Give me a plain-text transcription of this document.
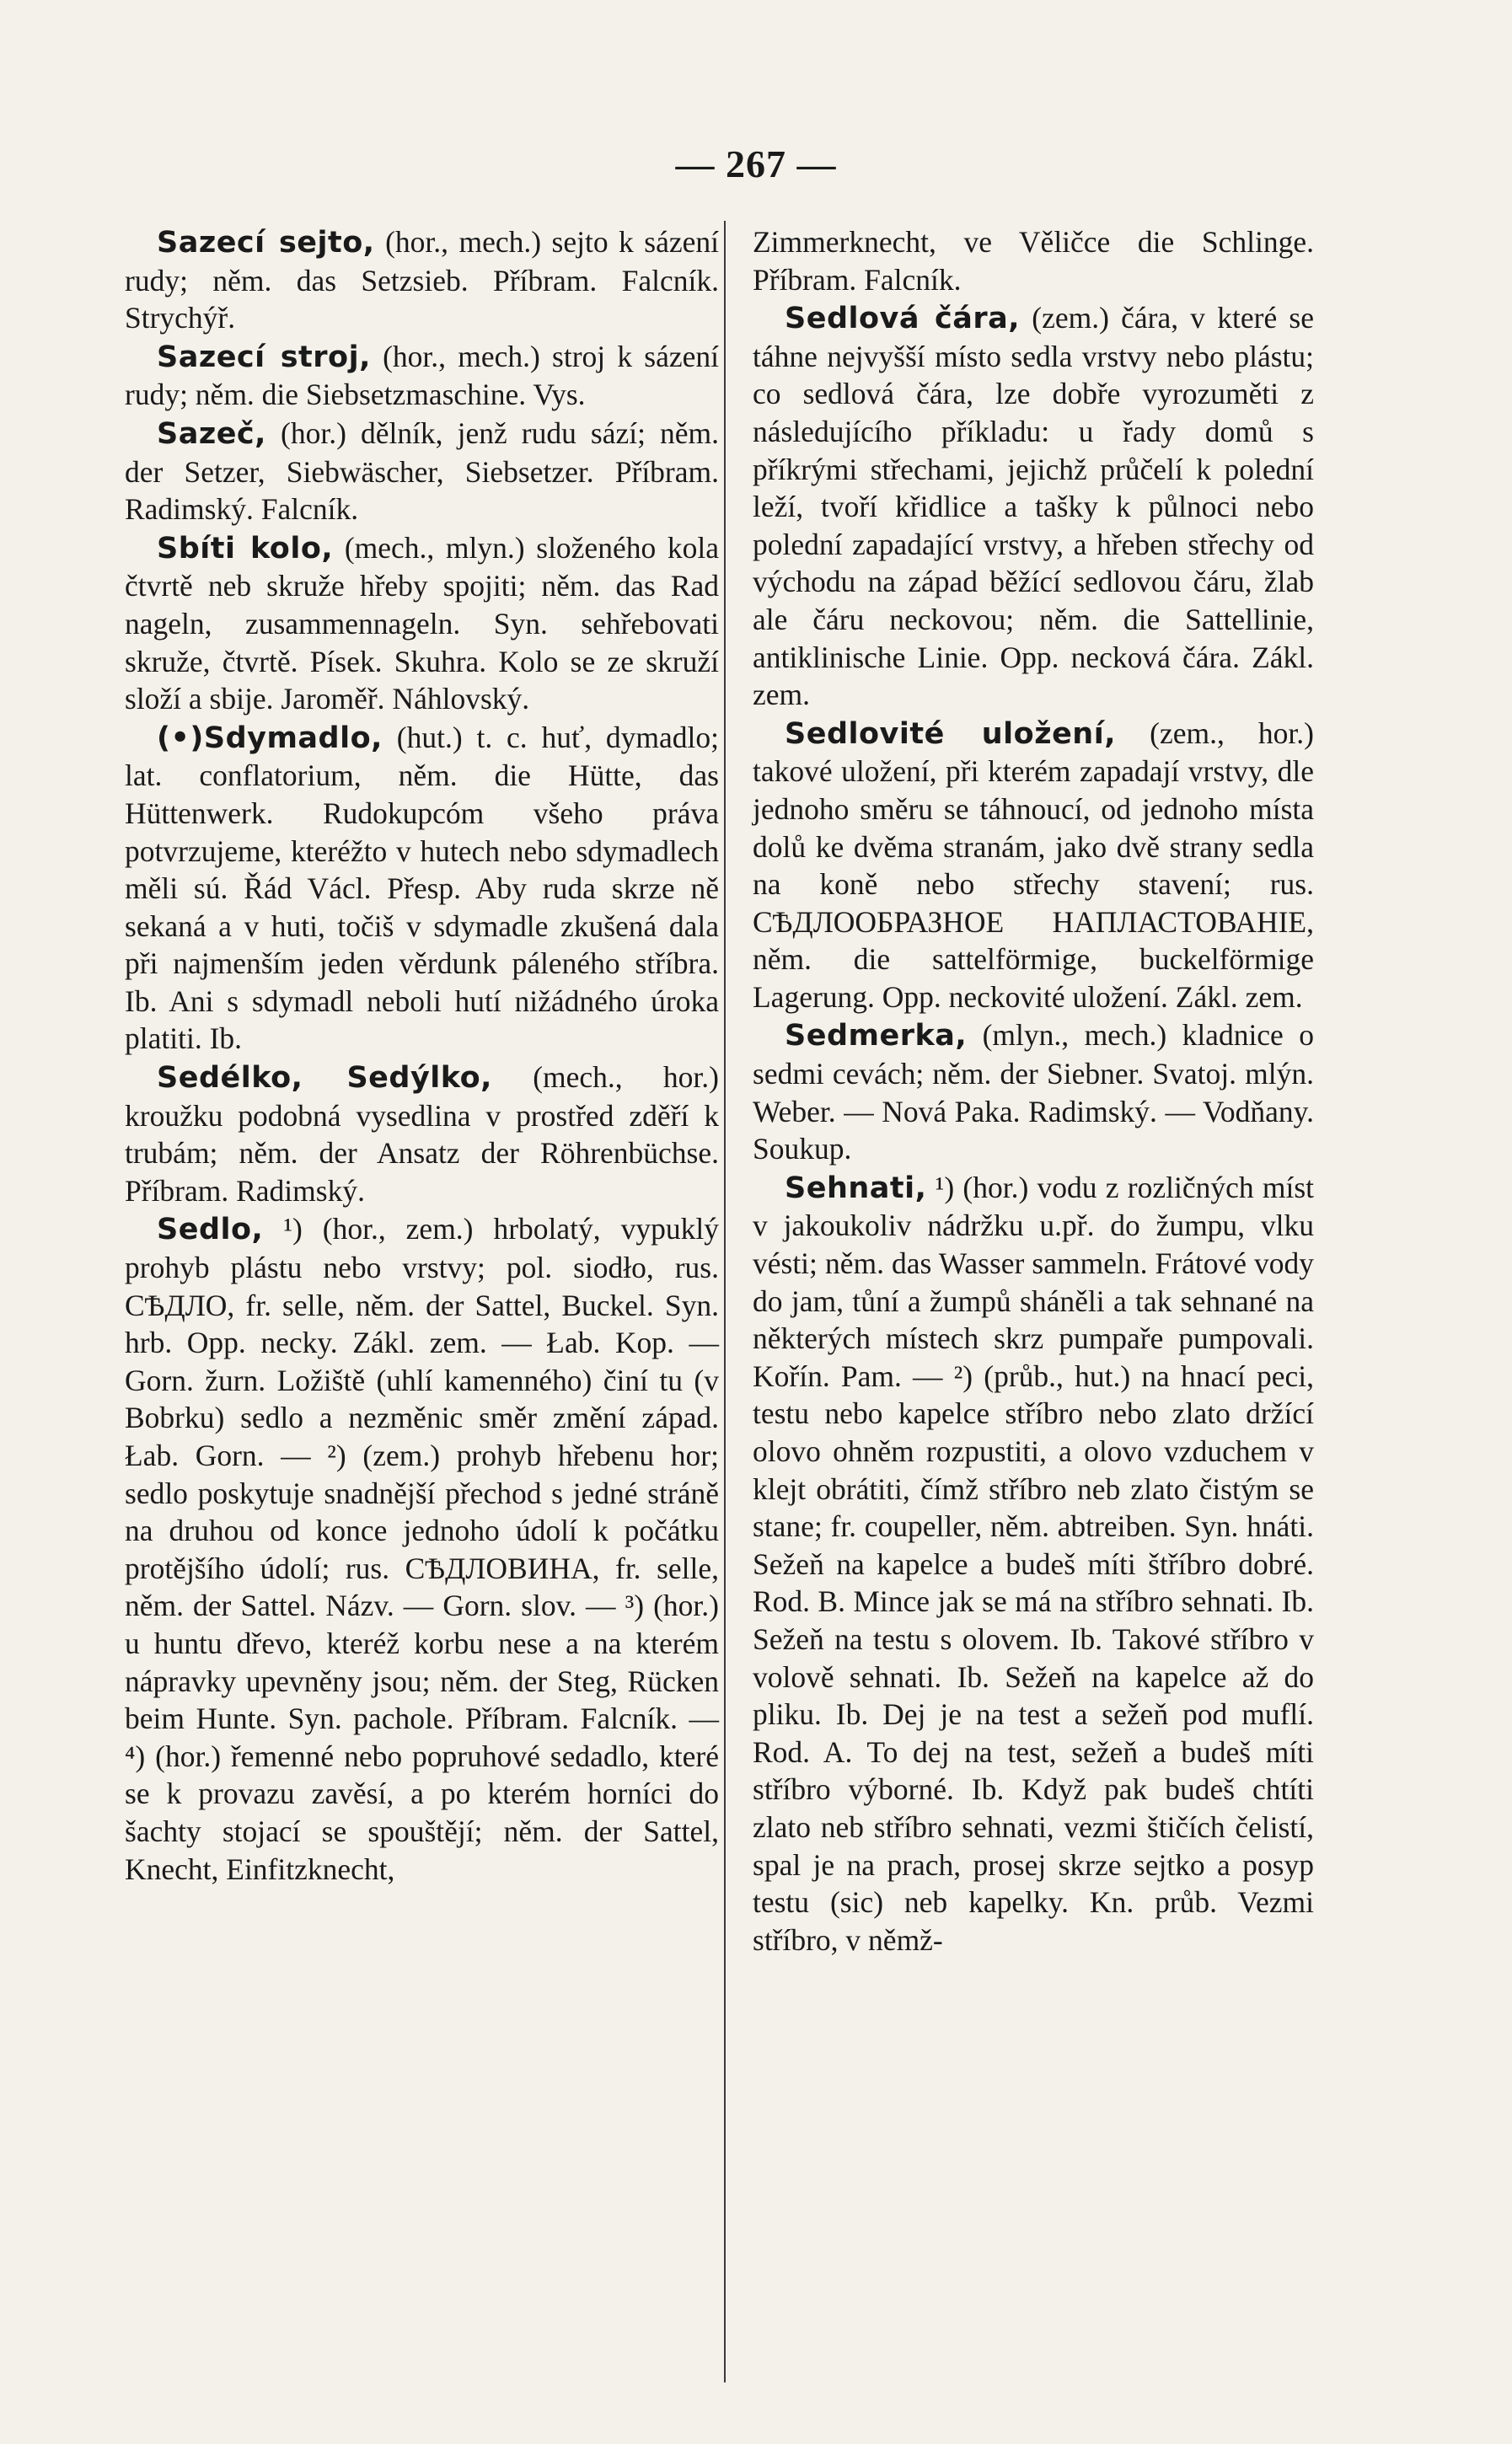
— 267 —

Sazecí sejto, (hor., mech.) sejto k sázení rudy; něm. das Setzsieb. Příbram. Falcník. Strychýř.

Sazecí stroj, (hor., mech.) stroj k sázení rudy; něm. die Siebsetzmaschine. Vys.

Sazeč, (hor.) dělník, jenž rudu sází; něm. der Setzer, Siebwäscher, Siebsetzer. Příbram. Radimský. Falcník.

Sbíti kolo, (mech., mlyn.) složeného kola čtvrtě neb skruže hřeby spojiti; něm. das Rad nageln, zusammennageln. Syn. sehřebovati skruže, čtvrtě. Písek. Skuhra. Kolo se ze skruží složí a sbije. Jaroměř. Náhlovský.

(•)Sdymadlo, (hut.) t. c. huť, dymadlo; lat. conflatorium, něm. die Hütte, das Hüttenwerk. Rudokupcóm všeho práva potvrzujeme, kteréžto v hutech nebo sdymadlech měli sú. Řád Václ. Přesp. Aby ruda skrze ně sekaná a v huti, točiš v sdymadle zkušená dala při najmenším jeden věrdunk páleného stříbra. Ib. Ani s sdymadl neboli hutí nižádného úroka platiti. Ib.

Sedélko, Sedýlko, (mech., hor.) kroužku podobná vysedlina v prostřed zděří k trubám; něm. der Ansatz der Röhrenbüchse. Příbram. Radimský.

Sedlo, ¹) (hor., zem.) hrbolatý, vypuklý prohyb plástu nebo vrstvy; pol. siodło, rus. СѢДЛО, fr. selle, něm. der Sattel, Buckel. Syn. hrb. Opp. necky. Zákl. zem. — Łab. Kop. — Gorn. žurn. Ložiště (uhlí kamenného) činí tu (v Bobrku) sedlo a nezměnic směr změní západ. Łab. Gorn. — ²) (zem.) prohyb hřebenu hor; sedlo poskytuje snadnější přechod s jedné stráně na druhou od konce jednoho údolí k počátku protějšího údolí; rus. СѢДЛОВИНА, fr. selle, něm. der Sattel. Názv. — Gorn. slov. — ³) (hor.) u huntu dřevo, kteréž korbu nese a na kterém nápravky upevněny jsou; něm. der Steg, Rücken beim Hunte. Syn. pachole. Příbram. Falcník. — ⁴) (hor.) řemenné nebo popruhové sedadlo, které se k provazu zavěsí, a po kterém horníci do šachty stojací se spouštějí; něm. der Sattel, Knecht, Einfitzknecht,

Zimmerknecht, ve Věličce die Schlinge. Příbram. Falcník.

Sedlová čára, (zem.) čára, v které se táhne nejvyšší místo sedla vrstvy nebo plástu; co sedlová čára, lze dobře vyrozuměti z následujícího příkladu: u řady domů s příkrými střechami, jejichž průčelí k polední leží, tvoří křidlice a tašky k půlnoci nebo polední zapadající vrstvy, a hřeben střechy od východu na západ běžící sedlovou čáru, žlab ale čáru neckovou; něm. die Sattellinie, antiklinische Linie. Opp. necková čára. Zákl. zem.

Sedlovité uložení, (zem., hor.) takové uložení, při kterém zapadají vrstvy, dle jednoho směru se táhnoucí, od jednoho místa dolů ke dvěma stranám, jako dvě strany sedla na koně nebo střechy stavení; rus. СѢДЛООБРАЗНОЕ НАПЛАСТОВАНІЕ, něm. die sattelförmige, buckelförmige Lagerung. Opp. neckovité uložení. Zákl. zem.

Sedmerka, (mlyn., mech.) kladnice o sedmi cevách; něm. der Siebner. Svatoj. mlýn. Weber. — Nová Paka. Radimský. — Vodňany. Soukup.

Sehnati, ¹) (hor.) vodu z rozličných míst v jakoukoliv nádržku u.př. do žumpu, vlku vésti; něm. das Wasser sammeln. Frátové vody do jam, tůní a žumpů sháněli a tak sehnané na některých místech skrz pumpaře pumpovali. Kořín. Pam. — ²) (průb., hut.) na hnací peci, testu nebo kapelce stříbro nebo zlato držící olovo ohněm rozpustiti, a olovo vzduchem v klejt obrátiti, čímž stříbro neb zlato čistým se stane; fr. coupeller, něm. abtreiben. Syn. hnáti. Sežeň na kapelce a budeš míti štříbro dobré. Rod. B. Mince jak se má na stříbro sehnati. Ib. Sežeň na testu s olovem. Ib. Takové stříbro v volově sehnati. Ib. Sežeň na kapelce až do pliku. Ib. Dej je na test a sežeň pod muflí. Rod. A. To dej na test, sežeň a budeš míti stříbro výborné. Ib. Když pak budeš chtíti zlato neb stříbro sehnati, vezmi štičích čelistí, spal je na prach, prosej skrze sejtko a posyp testu (sic) neb kapelky. Kn. průb. Vezmi stříbro, v němž-
